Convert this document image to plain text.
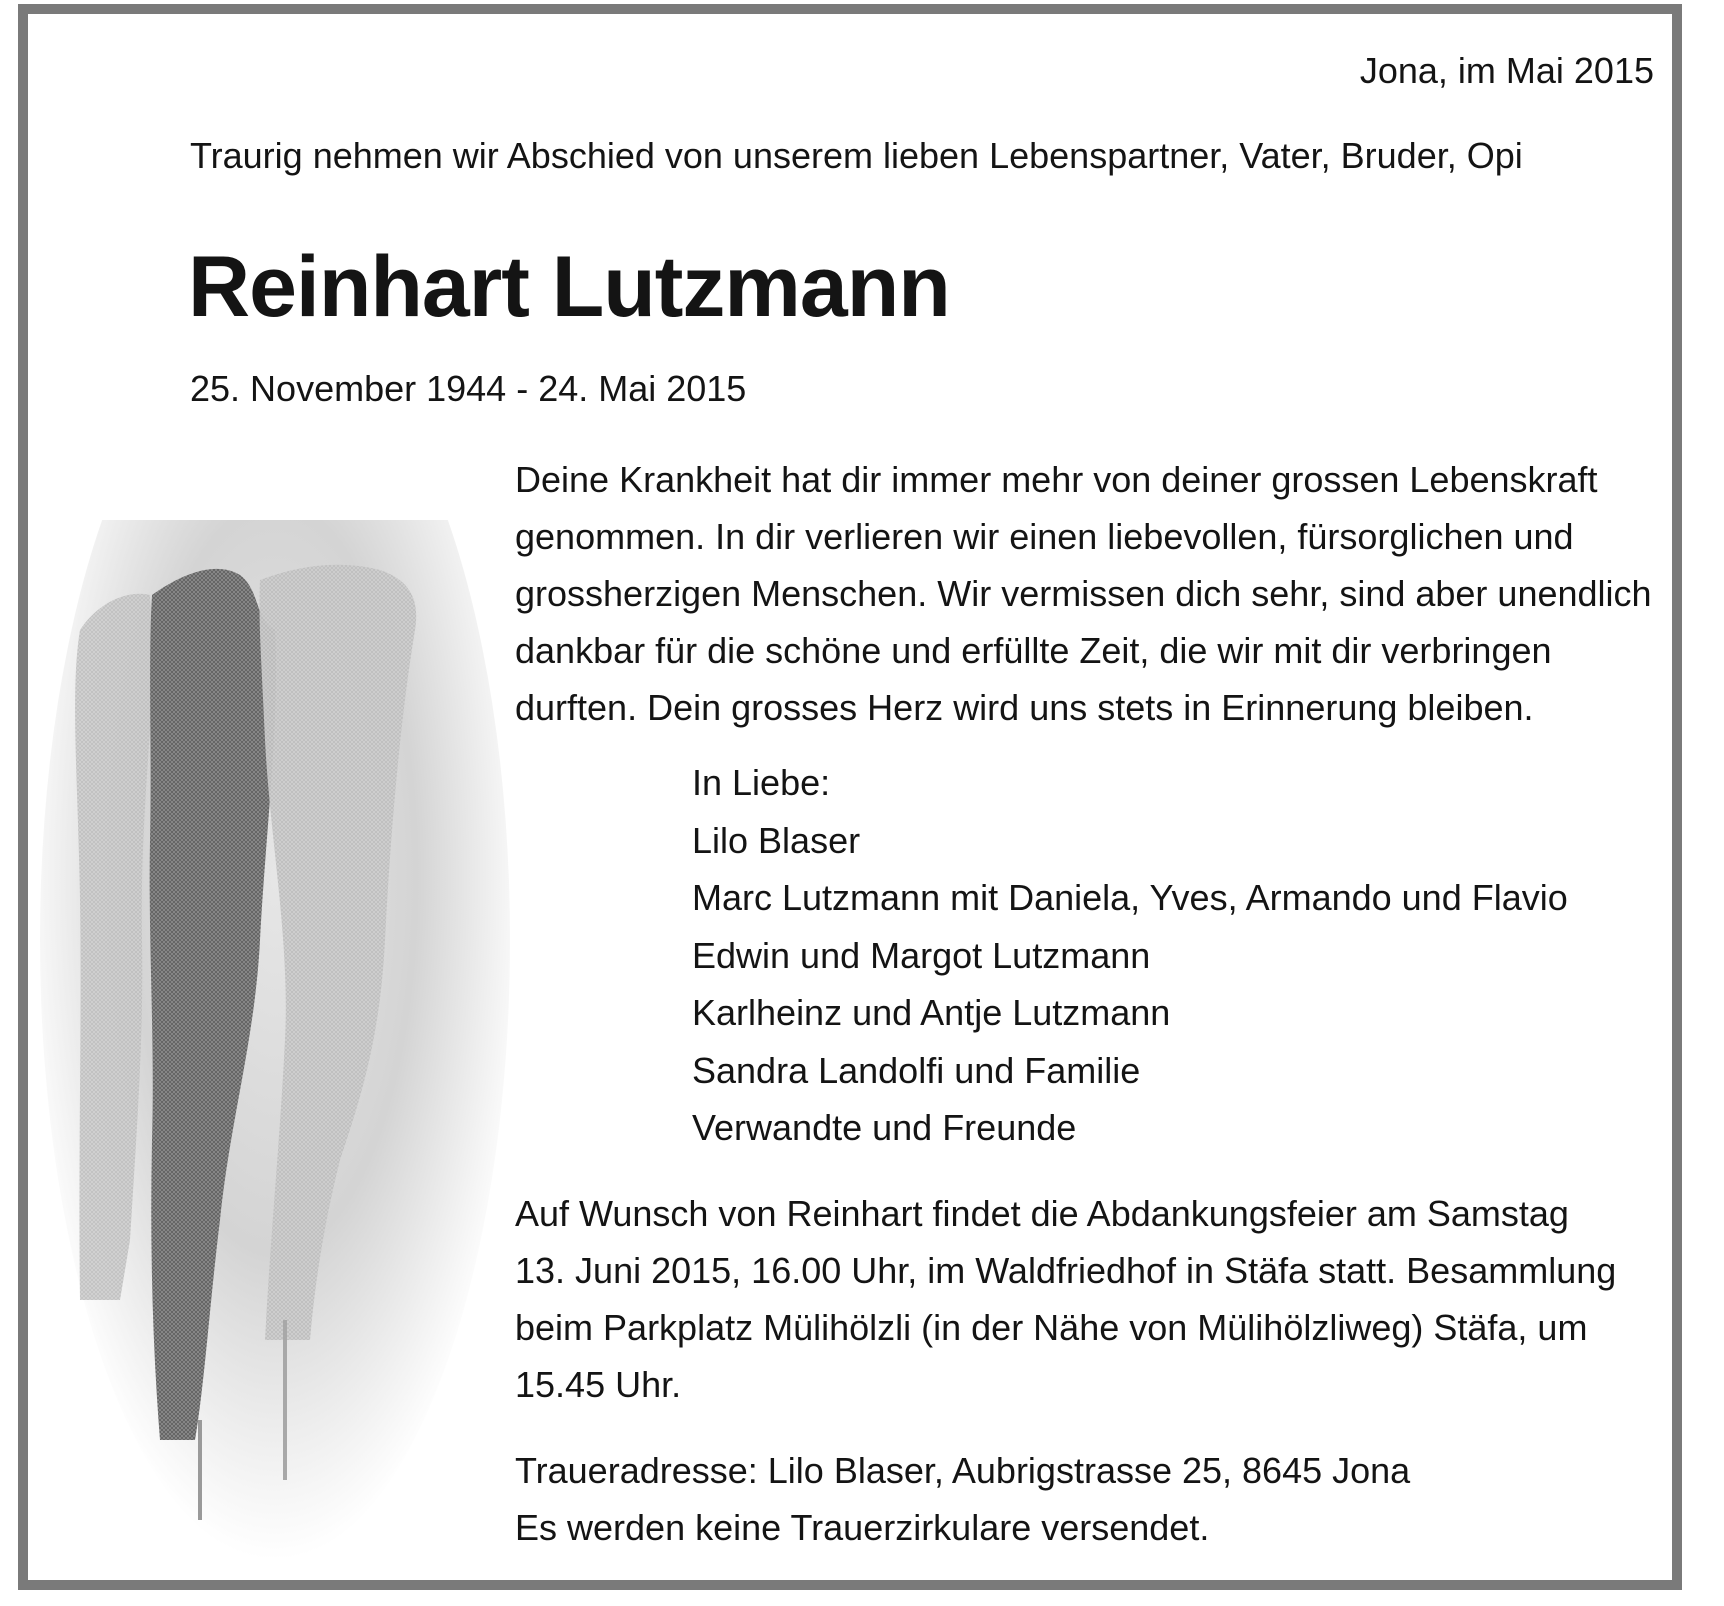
Jona, im Mai 2015
Traurig nehmen wir Abschied von unserem lieben Lebenspartner, Vater, Bruder, Opi
Reinhart Lutzmann
25. November 1944 - 24. Mai 2015
Deine Krankheit hat dir immer mehr von deiner grossen Lebenskraft
genommen. In dir verlieren wir einen liebevollen, fürsorglichen und
grossherzigen Menschen. Wir vermissen dich sehr, sind aber unendlich
dankbar für die schöne und erfüllte Zeit, die wir mit dir verbringen
durften. Dein grosses Herz wird uns stets in Erinnerung bleiben.
In Liebe:
Lilo Blaser
Marc Lutzmann mit Daniela, Yves, Armando und Flavio
Edwin und Margot Lutzmann
Karlheinz und Antje Lutzmann
Sandra Landolfi und Familie
Verwandte und Freunde
Auf Wunsch von Reinhart findet die Abdankungsfeier am Samstag
13. Juni 2015, 16.00 Uhr, im Waldfriedhof in Stäfa statt. Besammlung
beim Parkplatz Mülihölzli (in der Nähe von Mülihölzliweg) Stäfa, um
15.45 Uhr.
Traueradresse: Lilo Blaser, Aubrigstrasse 25, 8645 Jona
Es werden keine Trauerzirkulare versendet.
